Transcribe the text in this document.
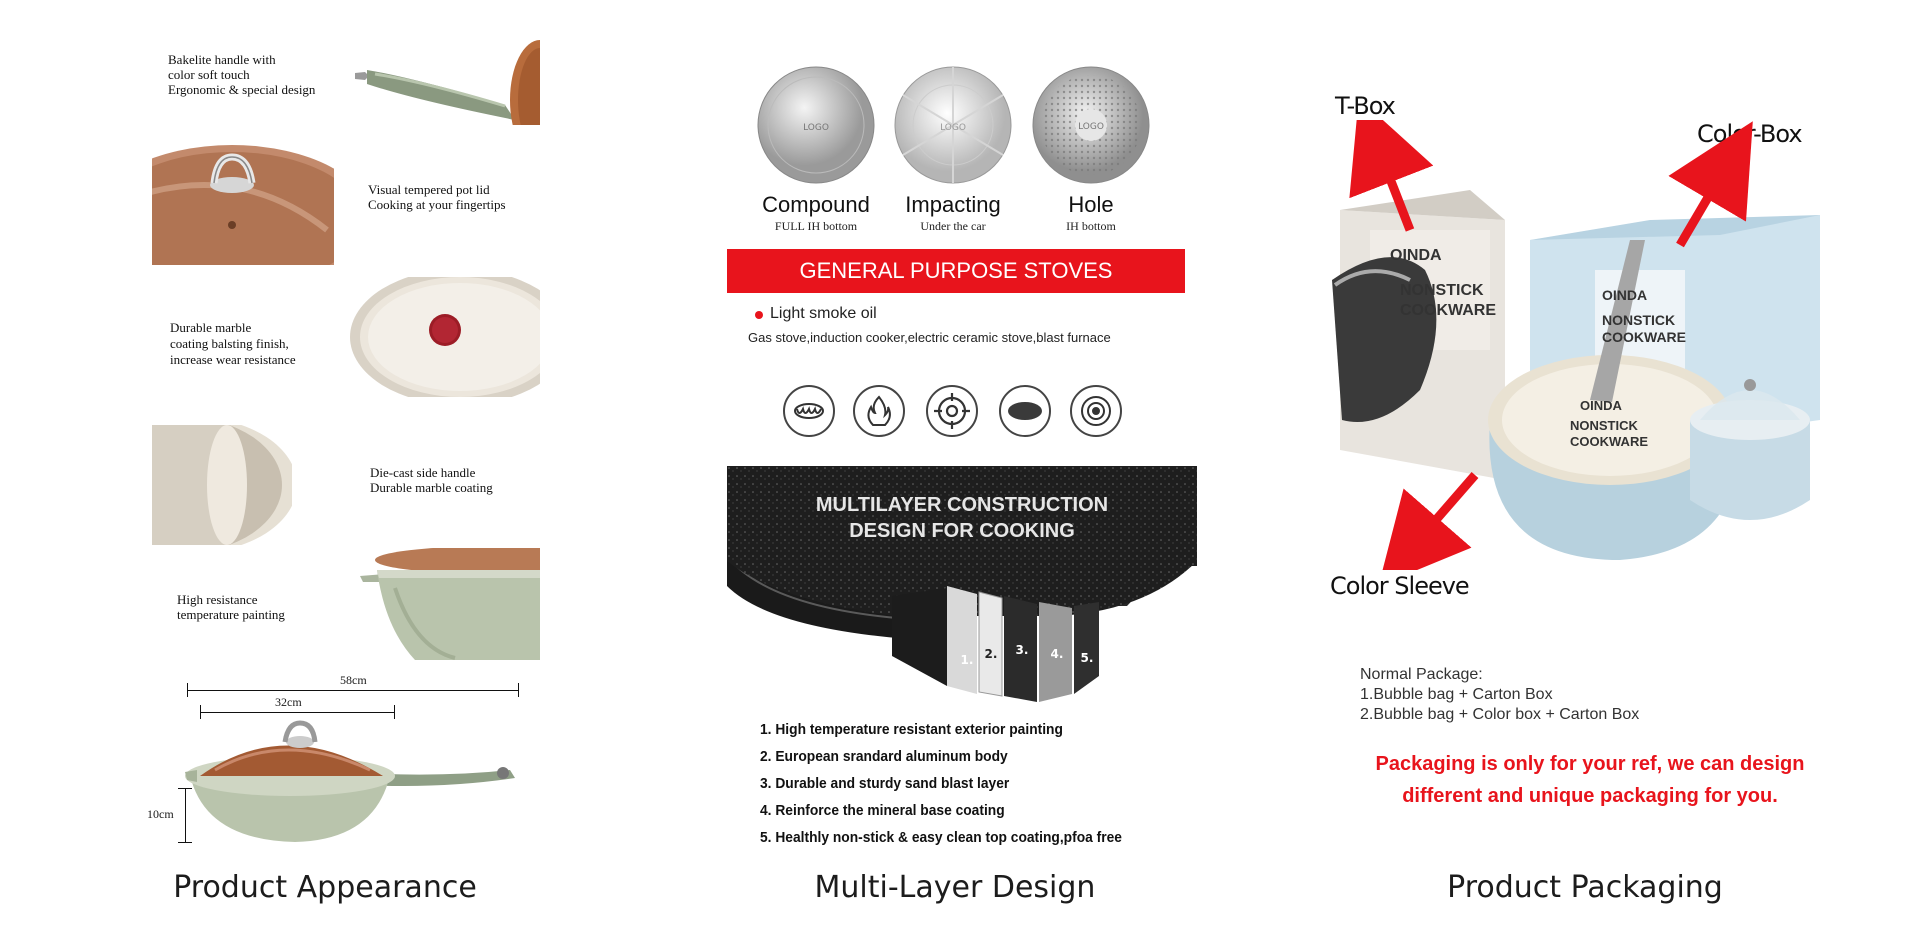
Bakelite handle with
color soft touch
Ergonomic & special design
Visual tempered pot lid
Cooking at your fingertips
Durable marble
coating balsting finish,
increase wear resistance
Die-cast side handle
Durable marble coating
High resistance
temperature painting
58cm
32cm
10cm
Product Appearance
LOGO	LOGO	LOGO
Compound
FULL IH bottom
Impacting
Under the car
Hole
IH bottom
GENERAL PURPOSE STOVES
Light smoke oil
Gas stove,induction cooker,electric ceramic stove,blast furnace
1. 2. 3. 4. 5.
MULTILAYER CONSTRUCTION
DESIGN FOR COOKING
1. High temperature resistant exterior painting
2. European srandard aluminum body
3. Durable and sturdy sand blast layer
4. Reinforce the mineral base coating
5. Healthly non-stick & easy clean top coating,pfoa free
Multi-Layer Design
T-Box
Color-Box
Color Sleeve
ОINDA
NONSTICK
COOKWARE
ОINDA
NONSTICK
COOKWARE
ОINDA
NONSTICK
COOKWARE
Normal Package:
1.Bubble bag + Carton Box
2.Bubble bag + Color box + Carton Box
Packaging is only for your ref, we can design
different and unique packaging for you.
Product Packaging
